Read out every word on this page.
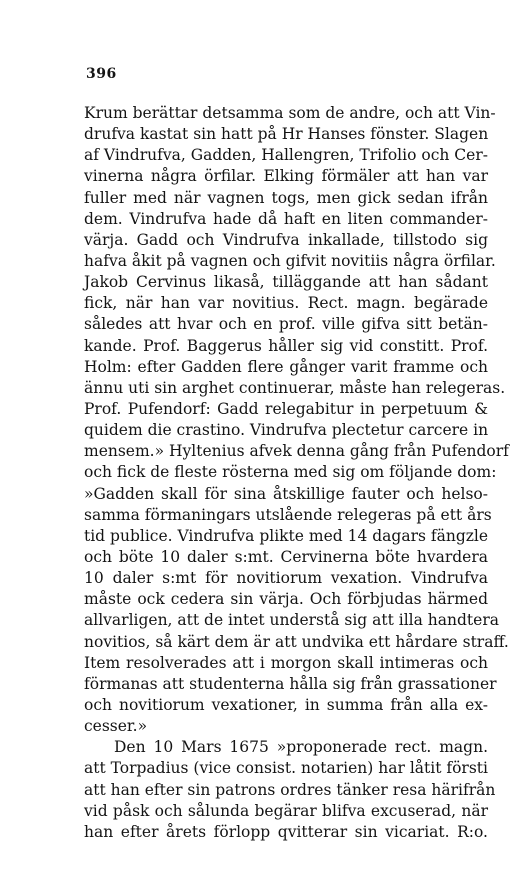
396
Krum berättar detsamma som de andre, och att Vin-
drufva kastat sin hatt på Hr Hanses fönster. Slagen
af Vindrufva, Gadden, Hallengren, Trifolio och Cer-
vinerna några örfilar. Elking förmäler att han var
fuller med när vagnen togs, men gick sedan ifrån
dem. Vindrufva hade då haft en liten commander-
värja. Gadd och Vindrufva inkallade, tillstodo sig
hafva åkit på vagnen och gifvit novitiis några örfilar.
Jakob Cervinus likaså, tilläggande att han sådant
fick, när han var novitius. Rect. magn. begärade
således att hvar och en prof. ville gifva sitt betän-
kande. Prof. Baggerus håller sig vid constitt. Prof.
Holm: efter Gadden flere gånger varit framme och
ännu uti sin arghet continuerar, måste han relegeras.
Prof. Pufendorf: Gadd relegabitur in perpetuum &
quidem die crastino. Vindrufva plectetur carcere in
mensem.» Hyltenius afvek denna gång från Pufendorf
och fick de fleste rösterna med sig om följande dom:
»Gadden skall för sina åtskillige fauter och helso-
samma förmaningars utslående relegeras på ett års
tid publice. Vindrufva plikte med 14 dagars fängzle
och böte 10 daler s:mt. Cervinerna böte hvardera
10 daler s:mt för novitiorum vexation. Vindrufva
måste ock cedera sin värja. Och förbjudas härmed
allvarligen, att de intet understå sig att illa handtera
novitios, så kärt dem är att undvika ett hårdare straff.
Item resolverades att i morgon skall intimeras och
förmanas att studenterna hålla sig från grassationer
och novitiorum vexationer, in summa från alla ex-
cesser.»
Den 10 Mars 1675 »proponerade rect. magn.
att Torpadius (vice consist. notarien) har låtit försti
att han efter sin patrons ordres tänker resa härifrån
vid påsk och sålunda begärar blifva excuserad, när
han efter årets förlopp qvitterar sin vicariat. R:o.
